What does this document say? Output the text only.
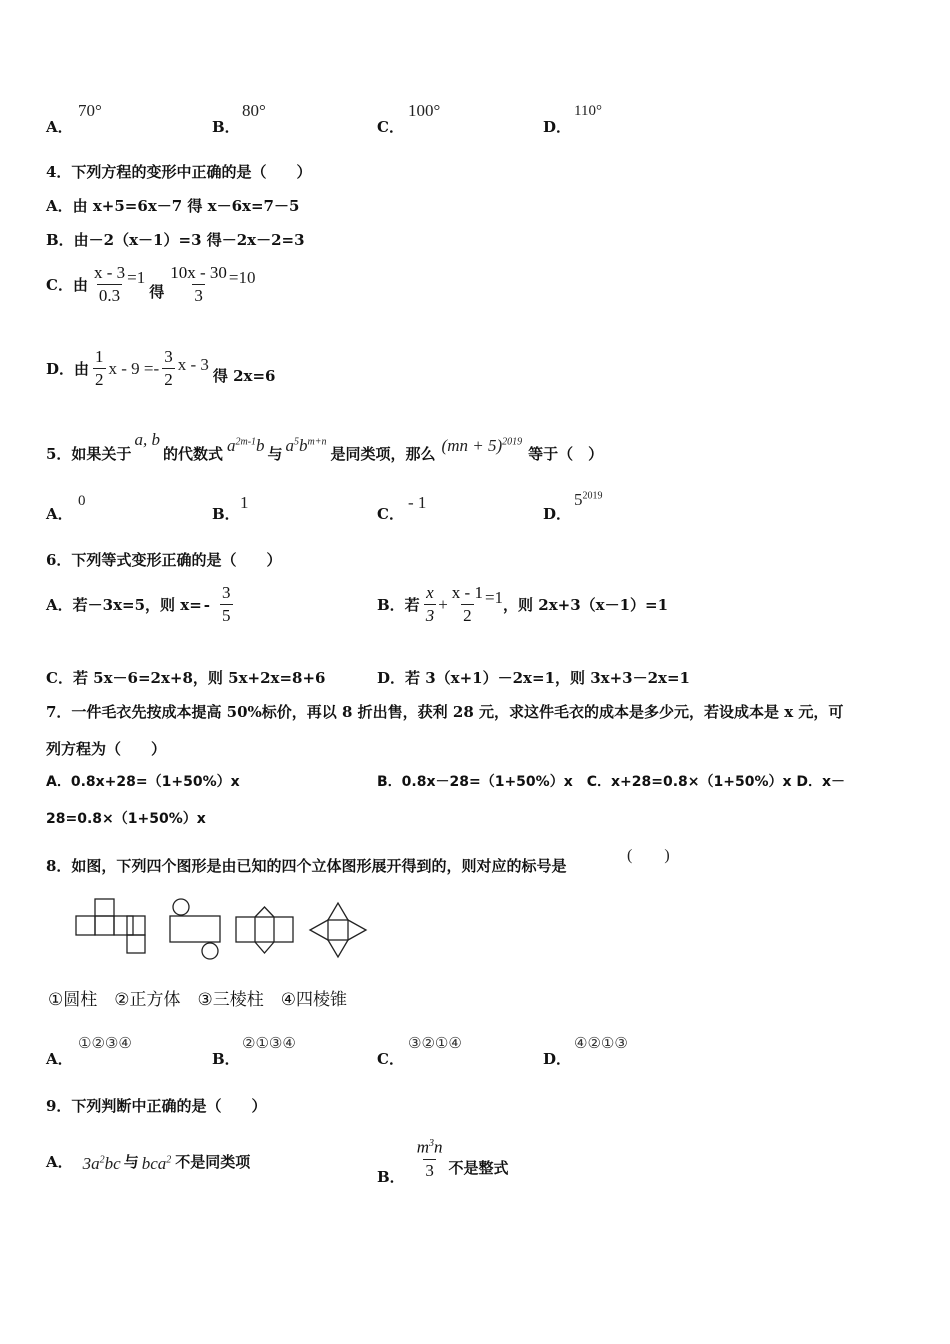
A．
70°
B．
80°
C．
100°
D．
110°
4．下列方程的变形中正确的是（　　）
A．由 x+5=6x－7 得 x－6x=7－5
B．由－2（x－1）=3 得－2x－2=3
C．由 $\frac{x - 3}{0.3} =1$
得 $\frac{10x - 30}{3} =10$
D．由 $\frac{1}{2}$ $x - 9 =- \frac{3}{2}$ x - 3
得 2x=6
5．如果关于
a, b
的代数式 $a^{2m-1}b$ 与 $a^5b^{m+n}$
是同类项，那么 (mn + 5)$^{2019}$
等于（　）
A．
0
B．
1
C．
- 1
D．
$5^{2019}$
6．下列等式变形正确的是（　　）
A．若－3x=5，则 $x= - \frac{3}{5}$	B．若 $\frac{x}{3} + \frac{x - 1}{2} =1$ ，则 2x+3（x－1）=1
C．若 5x－6=2x+8，则 5x+2x=8+6	D．若 3（x+1）－2x=1，则 3x+3－2x=1
7．一件毛衣先按成本提高 50%标价，再以 8 折出售，获利 28 元，求这件毛衣的成本是多少元，若设成本是 x 元，可
列方程为（　　）
A．0.8x+28=（1+50%）x	B．0.8x－28=（1+50%）x　C．x+28=0.8×（1+50%）x D．x－
28=0.8×（1+50%）x
8．如图，下列四个图形是由已知的四个立体图形展开得到的，则对应的标号是
(　　)
①圆柱　②正方体　③三棱柱　④四棱锥
A．
①②③④
B．
②①③④
C．
③②①④
D．
④②①③
9．下列判断中正确的是（　　）
A． $3a^2bc$ 与 bca$^2$ 不是同类项
B． $\frac{m^3n}{3}$ 不是整式
